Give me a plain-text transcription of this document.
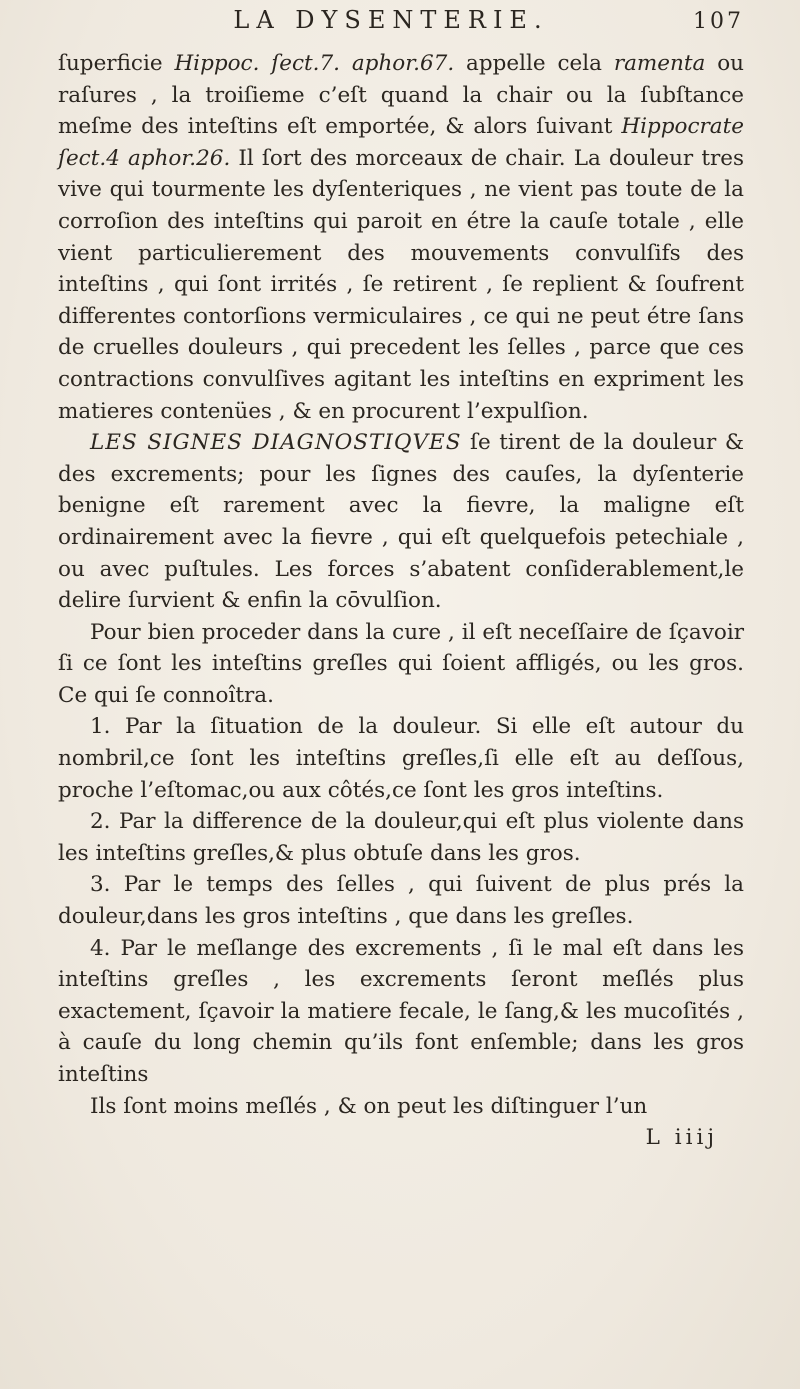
LA DYSENTERIE.	107

ſuperficie Hippoc. ſect.7. aphor.67. appelle cela ramenta ou raſures , la troiſieme c’eſt quand la chair ou la ſubſtance meſme des inteſtins eſt emportée, & alors ſuivant Hippocrate ſect.4 aphor.26. Il ſort des morceaux de chair. La douleur tres vive qui tourmente les dyſenteriques , ne vient pas toute de la corroſion des inteſtins qui paroit en étre la cauſe totale , elle vient particulierement des mouvements convulſifs des inteſtins , qui ſont irrités , ſe retirent , ſe replient & ſoufrent differentes contorſions vermiculaires , ce qui ne peut étre ſans de cruelles douleurs , qui precedent les ſelles , parce que ces contractions convulſives agitant les inteſtins en expriment les matieres contenües , & en procurent l’expulſion.

LES SIGNES DIAGNOSTIQVES ſe tirent de la douleur & des excrements; pour les ſignes des cauſes, la dyſenterie benigne eſt rarement avec la fievre, la maligne eſt ordinairement avec la fievre , qui eſt quelquefois petechiale , ou avec puſtules. Les forces s’abatent conſiderablement,le delire ſurvient & enfin la cōvulſion.

Pour bien proceder dans la cure , il eſt neceſſaire de ſçavoir ſi ce ſont les inteſtins greſles qui ſoient affligés, ou les gros. Ce qui ſe connoîtra.

1. Par la ſituation de la douleur. Si elle eſt autour du nombril,ce ſont les inteſtins greſles,ſi elle eſt au deſſous, proche l’eſtomac,ou aux côtés,ce ſont les gros inteſtins.

2. Par la difference de la douleur,qui eſt plus violente dans les inteſtins greſles,& plus obtuſe dans les gros.

3. Par le temps des ſelles , qui ſuivent de plus prés la douleur,dans les gros inteſtins , que dans les greſles.

4. Par le meſlange des excrements , ſi le mal eſt dans les inteſtins greſles , les excrements ſeront meſlés plus exactement, ſçavoir la matiere fecale, le ſang,& les mucoſités , à cauſe du long chemin qu’ils font enſemble; dans les gros inteſtins

Ils ſont moins meſlés , & on peut les diſtinguer l’un

L iiij
